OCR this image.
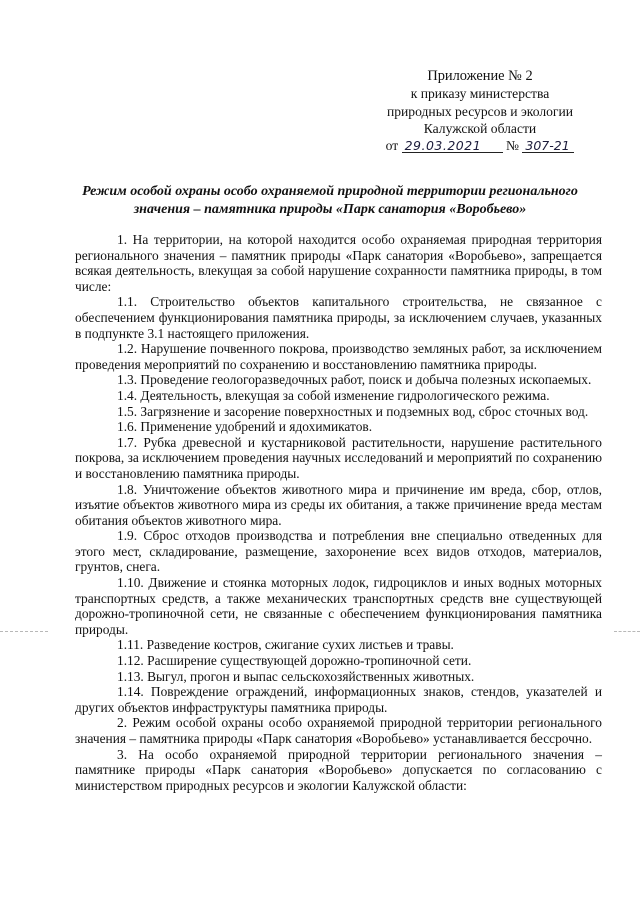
Приложение № 2
к приказу министерства
природных ресурсов и экологии
Калужской области
от 29.03.2021 № 307-21
Режим особой охраны особо охраняемой природной территории регионального значения – памятника природы «Парк санатория «Воробьево»

1. На территории, на которой находится особо охраняемая природная территория регионального значения – памятник природы «Парк санатория «Воробьево», запрещается всякая деятельность, влекущая за собой нарушение сохранности памятника природы, в том числе:

1.1. Строительство объектов капитального строительства, не связанное с обеспечением функционирования памятника природы, за исключением случаев, указанных в подпункте 3.1 настоящего приложения.

1.2. Нарушение почвенного покрова, производство земляных работ, за исключением проведения мероприятий по сохранению и восстановлению памятника природы.

1.3. Проведение геологоразведочных работ, поиск и добыча полезных ископаемых.

1.4. Деятельность, влекущая за собой изменение гидрологического режима.

1.5. Загрязнение и засорение поверхностных и подземных вод, сброс сточных вод.

1.6. Применение удобрений и ядохимикатов.

1.7. Рубка древесной и кустарниковой растительности, нарушение растительного покрова, за исключением проведения научных исследований и мероприятий по сохранению и восстановлению памятника природы.

1.8. Уничтожение объектов животного мира и причинение им вреда, сбор, отлов, изъятие объектов животного мира из среды их обитания, а также причинение вреда местам обитания объектов животного мира.

1.9. Сброс отходов производства и потребления вне специально отведенных для этого мест, складирование, размещение, захоронение всех видов отходов, материалов, грунтов, снега.

1.10. Движение и стоянка моторных лодок, гидроциклов и иных водных моторных транспортных средств, а также механических транспортных средств вне существующей дорожно-тропиночной сети, не связанные с обеспечением функционирования памятника природы.

1.11. Разведение костров, сжигание сухих листьев и травы.

1.12. Расширение существующей дорожно-тропиночной сети.

1.13. Выгул, прогон и выпас сельскохозяйственных животных.

1.14. Повреждение ограждений, информационных знаков, стендов, указателей и других объектов инфраструктуры памятника природы.

2. Режим особой охраны особо охраняемой природной территории регионального значения – памятника природы «Парк санатория «Воробьево» устанавливается бессрочно.

3. На особо охраняемой природной территории регионального значения – памятнике природы «Парк санатория «Воробьево» допускается по согласованию с министерством природных ресурсов и экологии Калужской области:
